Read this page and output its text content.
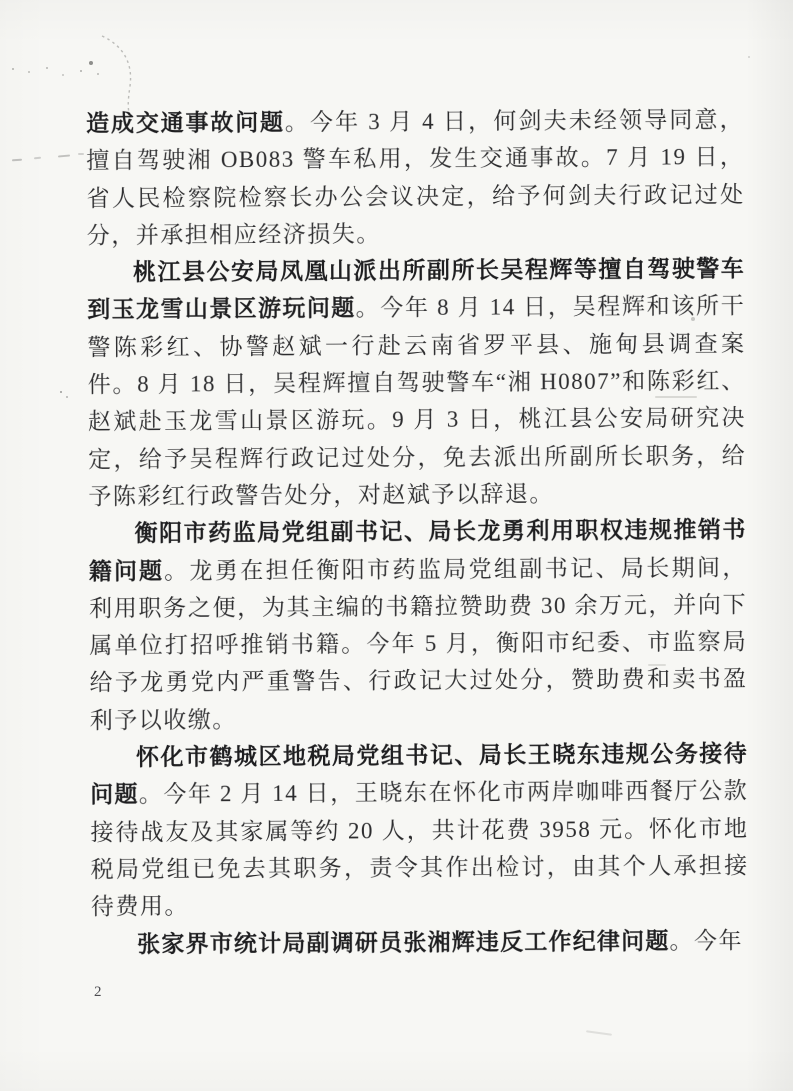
造成交通事故问题。今年 3 月 4 日，何剑夫未经领导同意，擅自驾驶湘 OB083 警车私用，发生交通事故。7 月 19 日，省人民检察院检察长办公会议决定，给予何剑夫行政记过处分，并承担相应经济损失。

桃江县公安局凤凰山派出所副所长吴程辉等擅自驾驶警车到玉龙雪山景区游玩问题。今年 8 月 14 日，吴程辉和该所干警陈彩红、协警赵斌一行赴云南省罗平县、施甸县调查案件。8 月 18 日，吴程辉擅自驾驶警车“湘 H0807”和陈彩红、赵斌赴玉龙雪山景区游玩。9 月 3 日，桃江县公安局研究决定，给予吴程辉行政记过处分，免去派出所副所长职务，给予陈彩红行政警告处分，对赵斌予以辞退。

衡阳市药监局党组副书记、局长龙勇利用职权违规推销书籍问题。龙勇在担任衡阳市药监局党组副书记、局长期间，利用职务之便，为其主编的书籍拉赞助费 30 余万元，并向下属单位打招呼推销书籍。今年 5 月，衡阳市纪委、市监察局给予龙勇党内严重警告、行政记大过处分，赞助费和卖书盈利予以收缴。

怀化市鹤城区地税局党组书记、局长王晓东违规公务接待问题。今年 2 月 14 日，王晓东在怀化市两岸咖啡西餐厅公款接待战友及其家属等约 20 人，共计花费 3958 元。怀化市地税局党组已免去其职务，责令其作出检讨，由其个人承担接待费用。

张家界市统计局副调研员张湘辉违反工作纪律问题。今年

2
